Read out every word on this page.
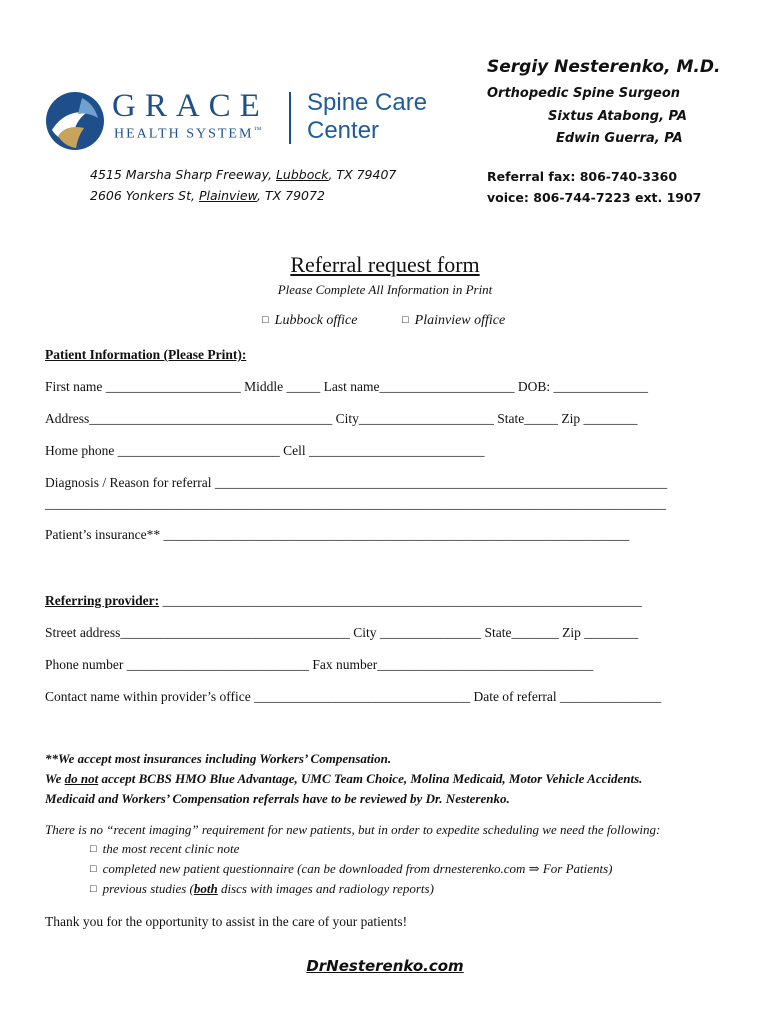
GRACE
HEALTH SYSTEM™
Spine Care
Center
Sergiy Nesterenko, M.D.
Orthopedic Spine Surgeon
Sixtus Atabong, PA
Edwin Guerra, PA
4515 Marsha Sharp Freeway, Lubbock, TX 79407
2606 Yonkers St, Plainview, TX 79072
Referral fax: 806-740-3360
voice: 806-744-7223 ext. 1907
Referral request form
Please Complete All Information in Print
□ Lubbock office	□ Plainview office
Patient Information (Please Print):
First name ____________________ Middle _____ Last name____________________ DOB: ______________
Address____________________________________ City____________________ State_____ Zip ________
Home phone ________________________ Cell __________________________
Diagnosis / Reason for referral ___________________________________________________________________
____________________________________________________________________________________________
Patient’s insurance** _____________________________________________________________________
Referring provider: _______________________________________________________________________
Street address__________________________________ City _______________ State_______ Zip ________
Phone number ___________________________ Fax number________________________________
Contact name within provider’s office ________________________________ Date of referral _______________
**We accept most insurances including Workers’ Compensation.
We do not accept BCBS HMO Blue Advantage, UMC Team Choice, Molina Medicaid, Motor Vehicle Accidents.
Medicaid and Workers’ Compensation referrals have to be reviewed by Dr. Nesterenko.
There is no “recent imaging” requirement for new patients, but in order to expedite scheduling we need the following:
□ the most recent clinic note
□ completed new patient questionnaire (can be downloaded from drnesterenko.com ⇒ For Patients)
□ previous studies (both discs with images and radiology reports)
Thank you for the opportunity to assist in the care of your patients!
DrNesterenko.com
